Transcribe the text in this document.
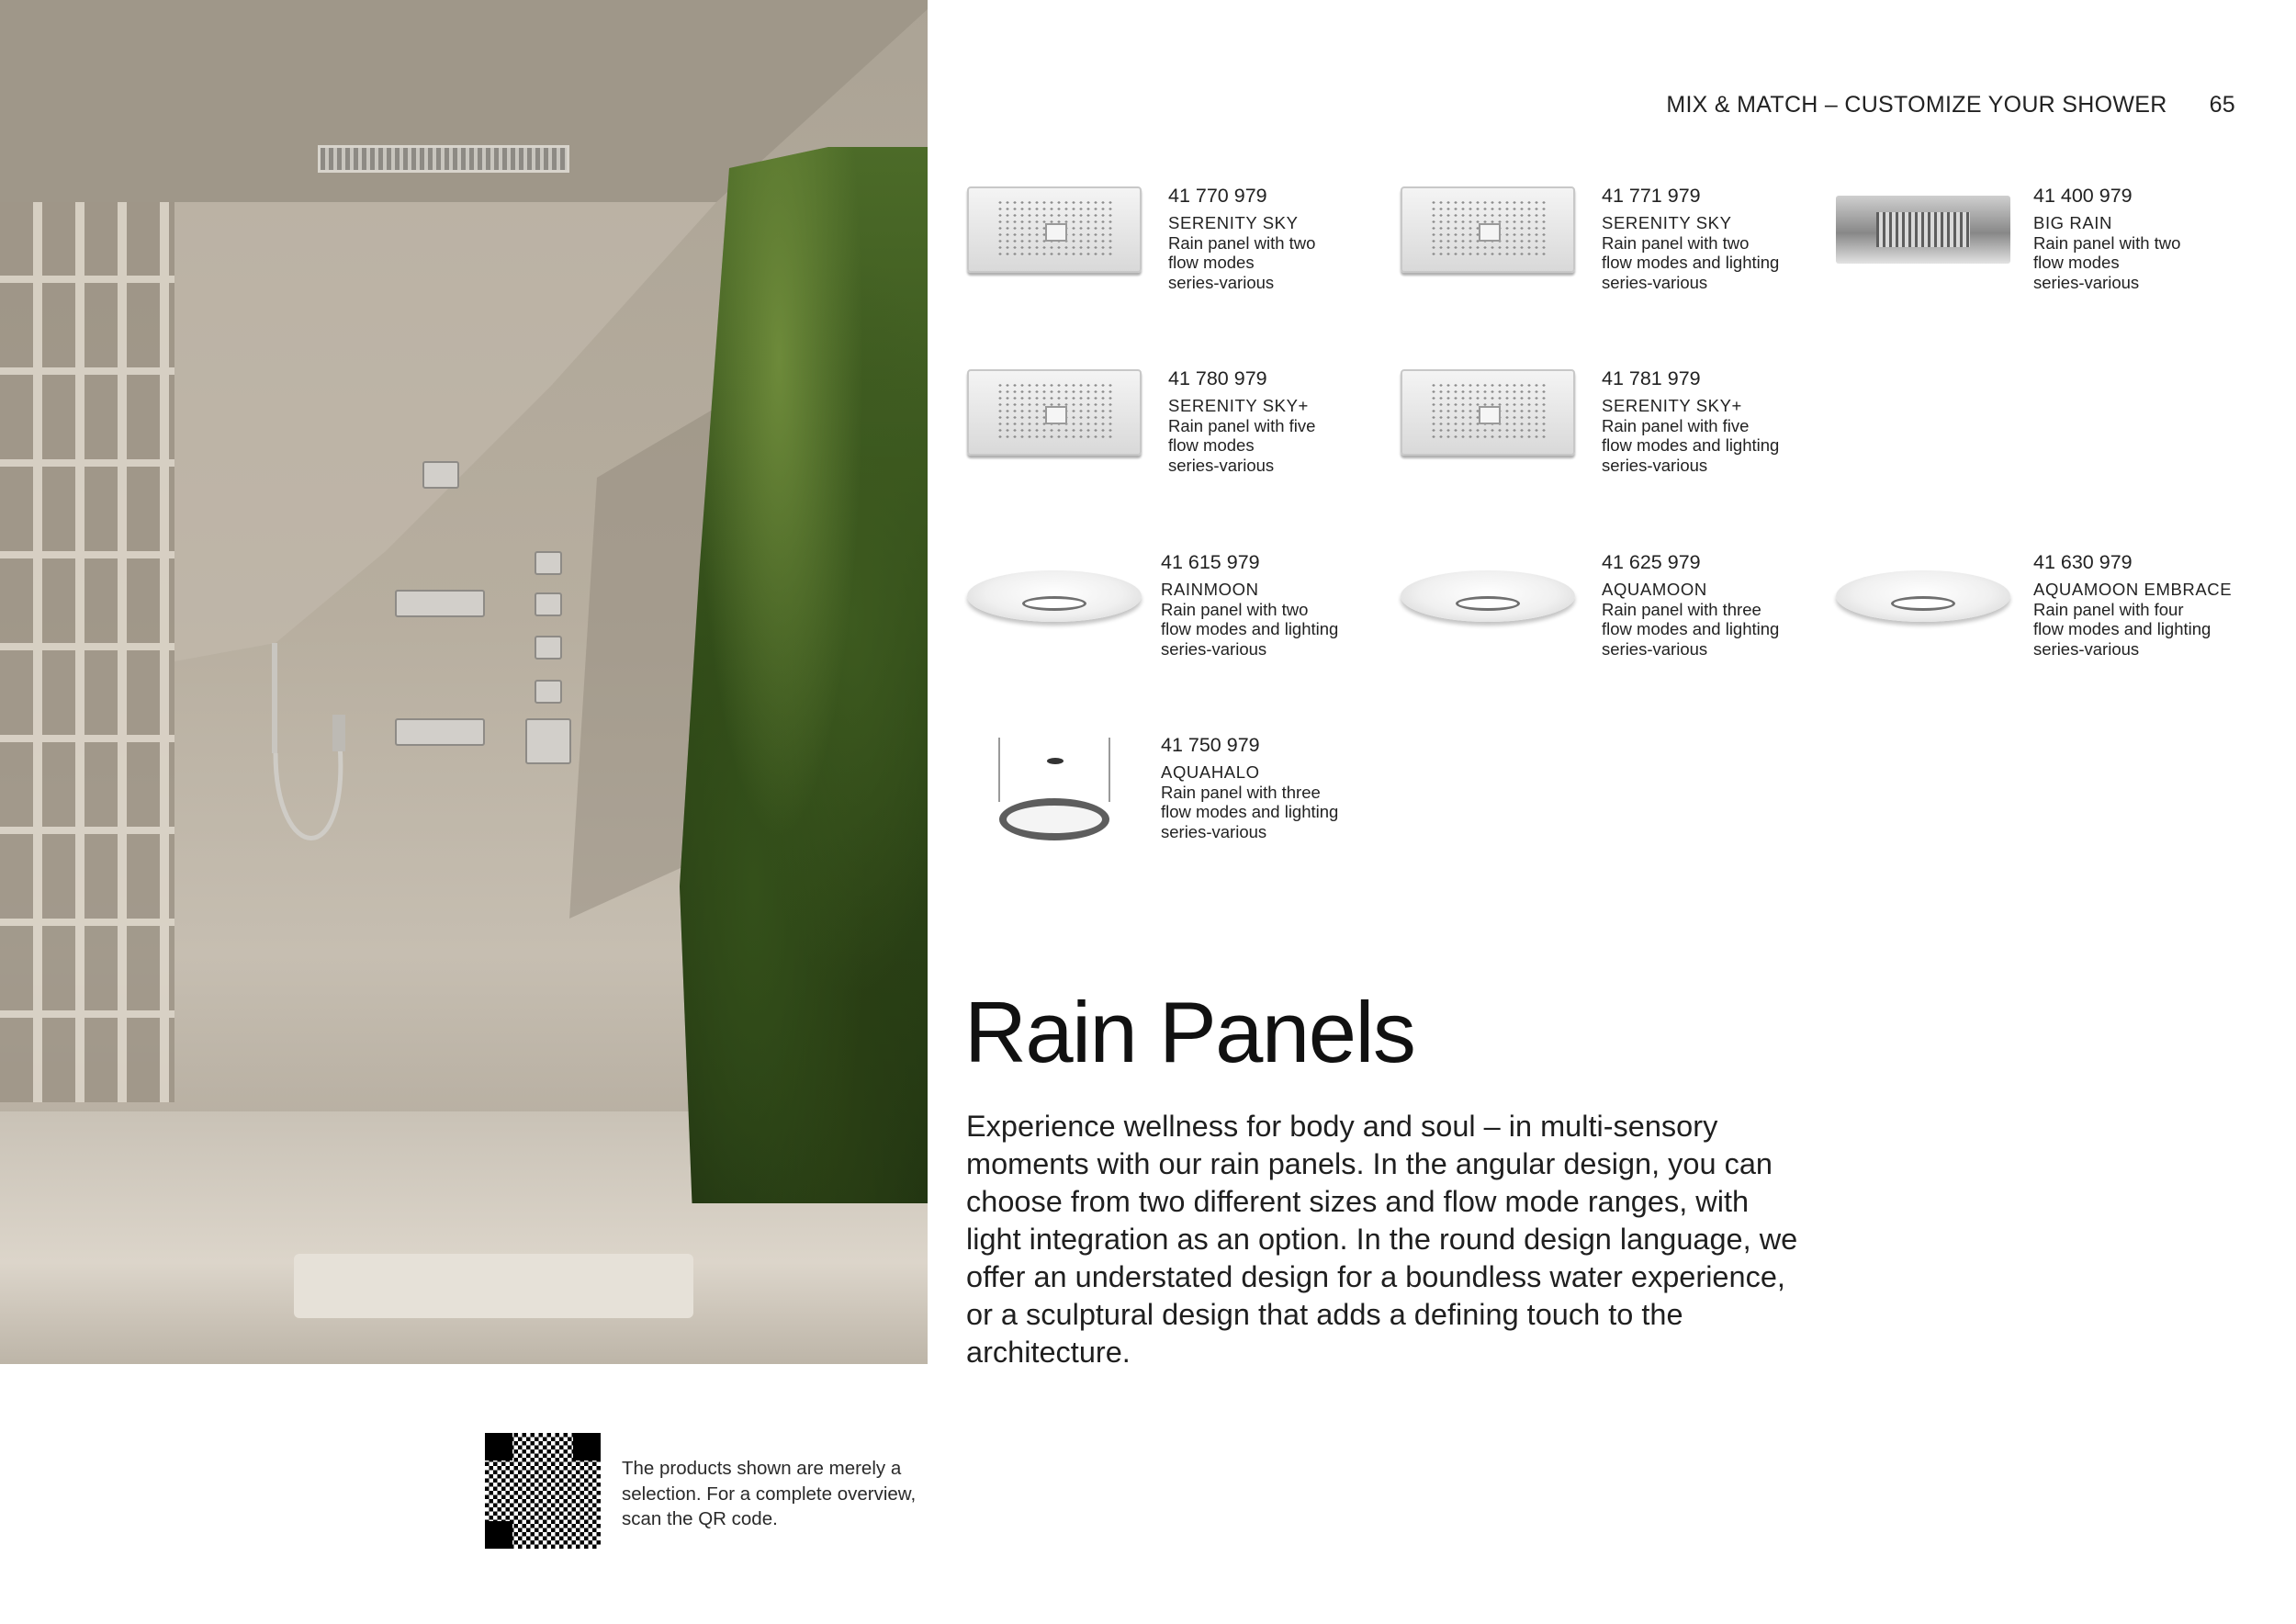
MIX & MATCH – CUSTOMIZE YOUR SHOWER 65
41 770 979
SERENITY SKY
Rain panel with two
flow modes
series-various
41 771 979
SERENITY SKY
Rain panel with two
flow modes and lighting
series-various
41 400 979
BIG RAIN
Rain panel with two
flow modes
series-various
41 780 979
SERENITY SKY+
Rain panel with five
flow modes
series-various
41 781 979
SERENITY SKY+
Rain panel with five
flow modes and lighting
series-various
41 615 979
RAINMOON
Rain panel with two
flow modes and lighting
series-various
41 625 979
AQUAMOON
Rain panel with three
flow modes and lighting
series-various
41 630 979
AQUAMOON EMBRACE
Rain panel with four
flow modes and lighting
series-various
41 750 979
AQUAHALO
Rain panel with three
flow modes and lighting
series-various
Rain Panels

Experience wellness for body and soul – in multi-sensory moments with our rain panels. In the angular design, you can choose from two different sizes and flow mode ranges, with light integration as an option. In the round design language, we offer an understated design for a boundless water experience, or a sculptural design that adds a defining touch to the architecture.

The products shown are merely a selection. For a complete overview, scan the QR code.
